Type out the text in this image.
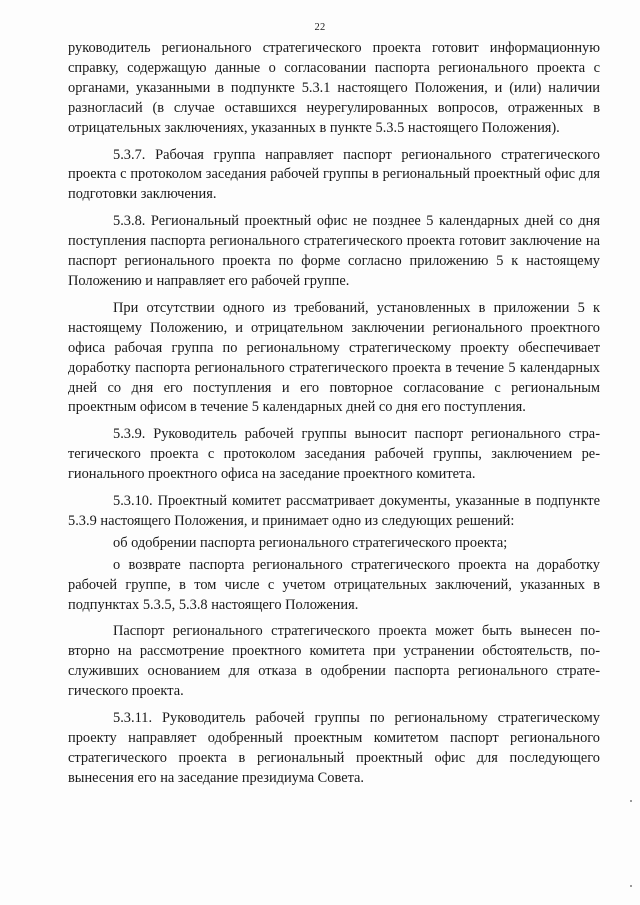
22

руководитель регионального стратегического проекта готовит информационную справку, содержащую данные о согласовании паспорта регионального проекта с органами, указанными в подпункте 5.3.1 настоящего Положения, и (или) наличии разногласий (в случае оставшихся неурегулированных вопросов, отраженных в отрицательных заключениях, указанных в пункте 5.3.5 настоящего Положения).

5.3.7. Рабочая группа направляет паспорт регионального стратегического проекта с протоколом заседания рабочей группы в региональный проектный офис для подготовки заключения.

5.3.8. Региональный проектный офис не позднее 5 календарных дней со дня поступления паспорта регионального стратегического проекта готовит заключение на паспорт регионального проекта по форме согласно приложению 5 к настоящему Положению и направляет его рабочей группе.

При отсутствии одного из требований, установленных в приложении 5 к настоящему Положению, и отрицательном заключении регионального проектного офиса рабочая группа по региональному стратегическому проекту обеспечивает доработку паспорта регионального стратегического проекта в течение 5 календарных дней со дня его поступления и его повторное согласование с региональным проектным офисом в течение 5 календарных дней со дня его поступления.

5.3.9. Руководитель рабочей группы выносит паспорт регионального стратегического проекта с протоколом заседания рабочей группы, заключением регионального проектного офиса на заседание проектного комитета.

5.3.10. Проектный комитет рассматривает документы, указанные в подпункте 5.3.9 настоящего Положения, и принимает одно из следующих решений:

об одобрении паспорта регионального стратегического проекта;

о возврате паспорта регионального стратегического проекта на доработку рабочей группе, в том числе с учетом отрицательных заключений, указанных в подпунктах 5.3.5, 5.3.8 настоящего Положения.

Паспорт регионального стратегического проекта может быть вынесен повторно на рассмотрение проектного комитета при устранении обстоятельств, послуживших основанием для отказа в одобрении паспорта регионального стратегического проекта.

5.3.11. Руководитель рабочей группы по региональному стратегическому проекту направляет одобренный проектным комитетом паспорт регионального стратегического проекта в региональный проектный офис для последующего вынесения его на заседание президиума Совета.
